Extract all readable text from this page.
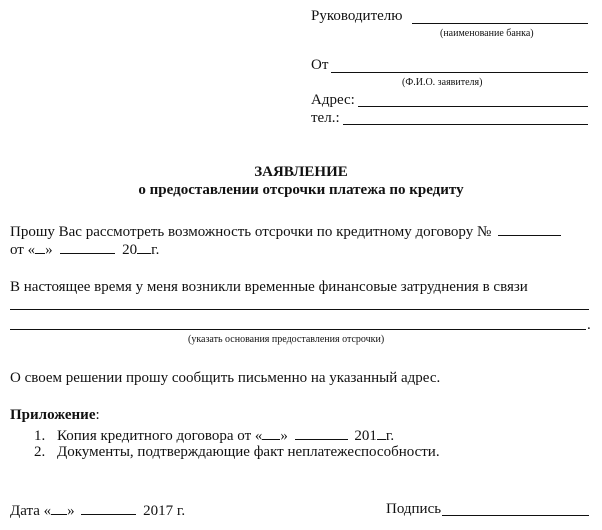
Руководителю
(наименование банка)
От
(Ф.И.О. заявителя)
Адрес:
тел.:
ЗАЯВЛЕНИЕ
о предоставлении отсрочки платежа по кредиту
Прошу Вас рассмотреть возможность отсрочки по кредитному договору №
от « »	20 г.
В настоящее время у меня возникли временные финансовые затруднения в связи
.
(указать основания предоставления отсрочки)
О своем решении прошу сообщить письменно на указанный адрес.
Приложение:
1. Копия кредитного договора от « »	201 г.
2. Документы, подтверждающие факт неплатежеспособности.
Дата « »	2017 г.	Подпись
